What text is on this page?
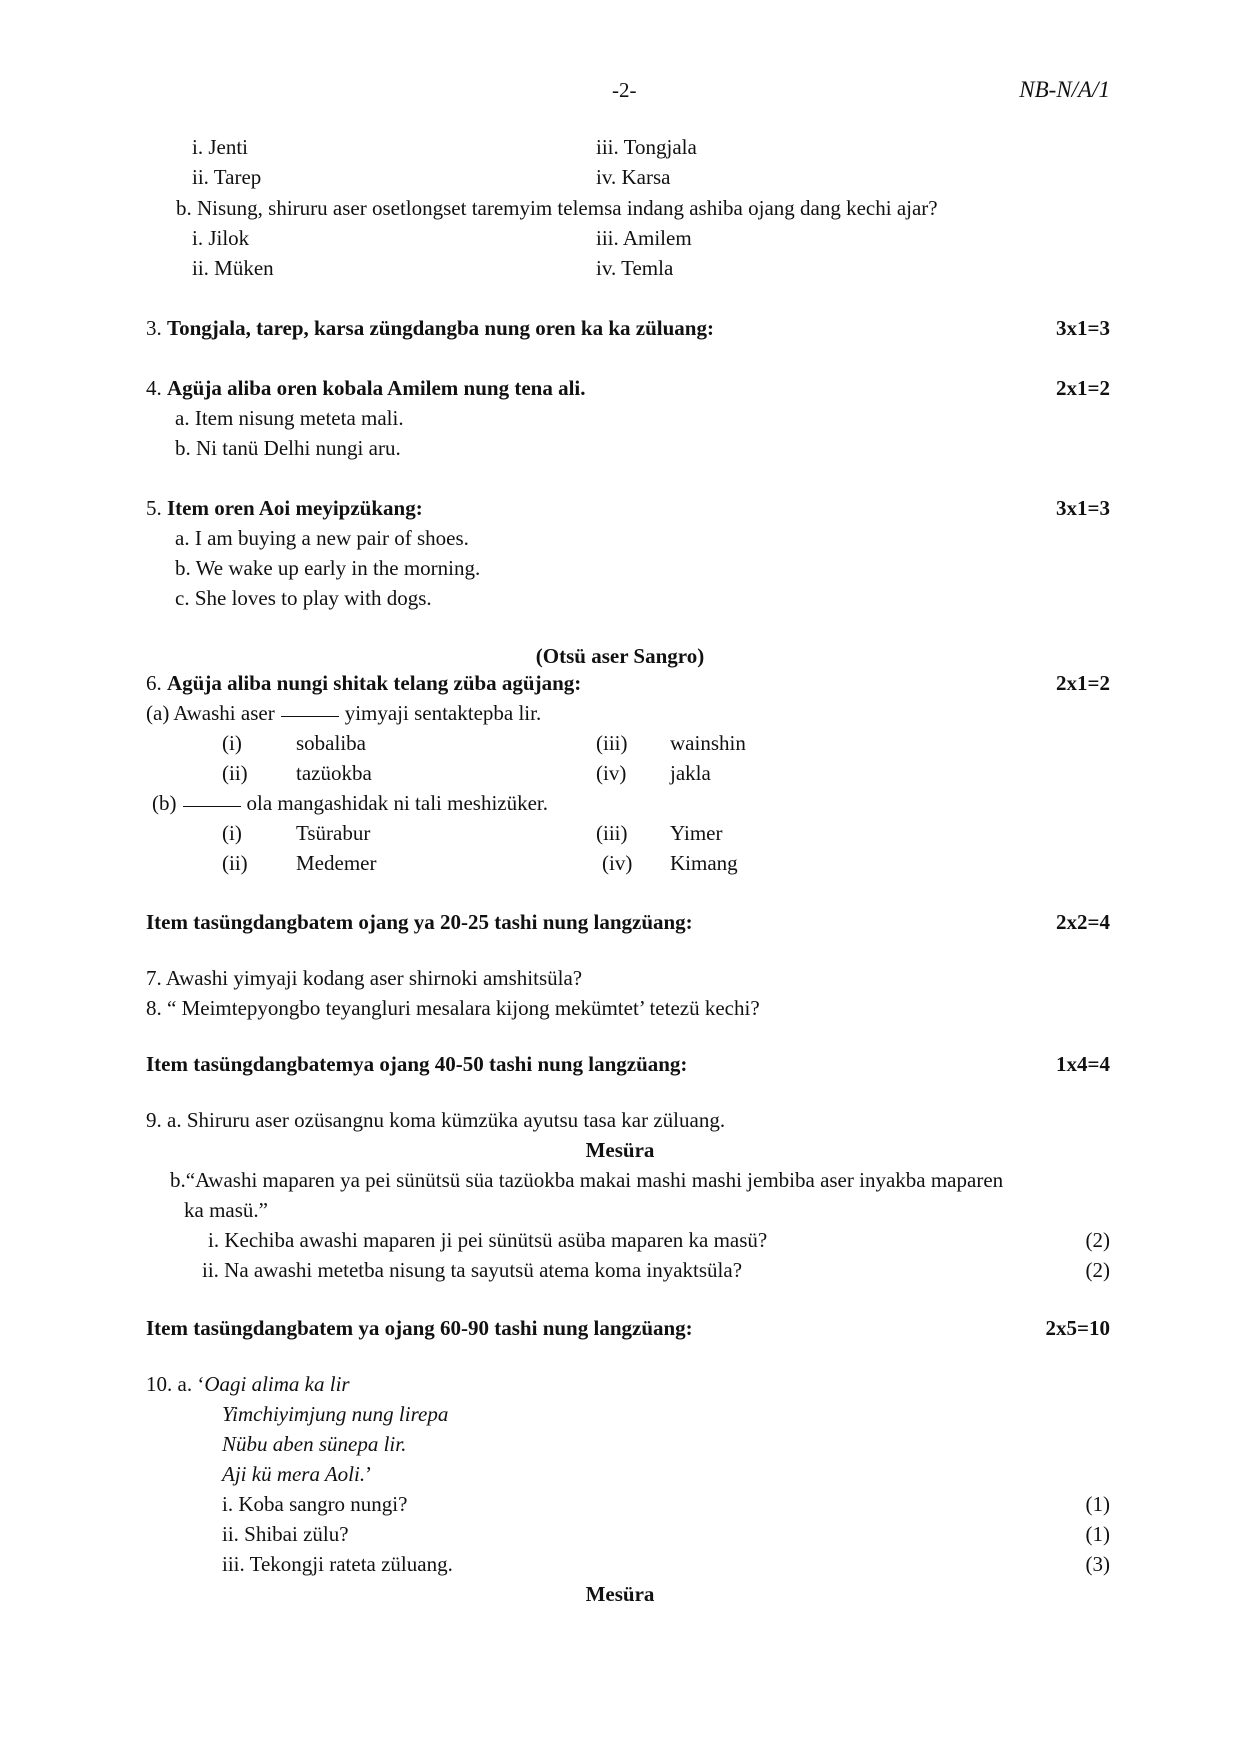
-2-	NB-N/A/1
i. Jenti	iii. Tongjala
ii. Tarep	iv. Karsa
b. Nisung, shiruru aser osetlongset taremyim telemsa indang ashiba ojang dang kechi ajar?
i. Jilok	iii. Amilem
ii. Müken	iv. Temla
3. Tongjala, tarep, karsa züngdangba nung oren ka ka züluang:	3x1=3
4. Agüja aliba oren kobala Amilem nung tena ali.	2x1=2
a. Item nisung meteta mali.
b. Ni tanü Delhi nungi aru.
5. Item oren Aoi meyipzükang:	3x1=3
a. I am buying a new pair of shoes.
b. We wake up early in the morning.
c. She loves to play with dogs.
(Otsü aser Sangro)
6. Agüja aliba nungi shitak telang züba agüjang:	2x1=2
(a) Awashi aser	yimyaji sentaktepba lir.
(i)	sobaliba	(iii) wainshin
(ii) tazüokba	(iv) jakla
(b)	ola mangashidak ni tali meshizüker.
(i)	Tsürabur	(iii) Yimer
(ii) Medemer	(iv) Kimang
Item tasüngdangbatem ojang ya 20-25 tashi nung langzüang:	2x2=4
7. Awashi yimyaji kodang aser shirnoki amshitsüla?
8. “ Meimtepyongbo teyangluri mesalara kijong mekümtet’ tetezü kechi?
Item tasüngdangbatemya ojang 40-50 tashi nung langzüang:	1x4=4
9. a. Shiruru aser ozüsangnu koma kümzüka ayutsu tasa kar züluang.
Mesüra
b.“Awashi maparen ya pei sünütsü süa tazüokba makai mashi mashi jembiba aser inyakba maparen
ka masü.”
i. Kechiba awashi maparen ji pei sünütsü asüba maparen ka masü?	(2)
ii. Na awashi metetba nisung ta sayutsü atema koma inyaktsüla?	(2)
Item tasüngdangbatem ya ojang 60-90 tashi nung langzüang:	2x5=10
10. a. ‘Oagi alima ka lir
Yimchiyimjung nung lirepa
Nübu aben sünepa lir.
Aji kü mera Aoli.’
i. Koba sangro nungi?	(1)
ii. Shibai zülu?	(1)
iii. Tekongji rateta züluang.	(3)
Mesüra
